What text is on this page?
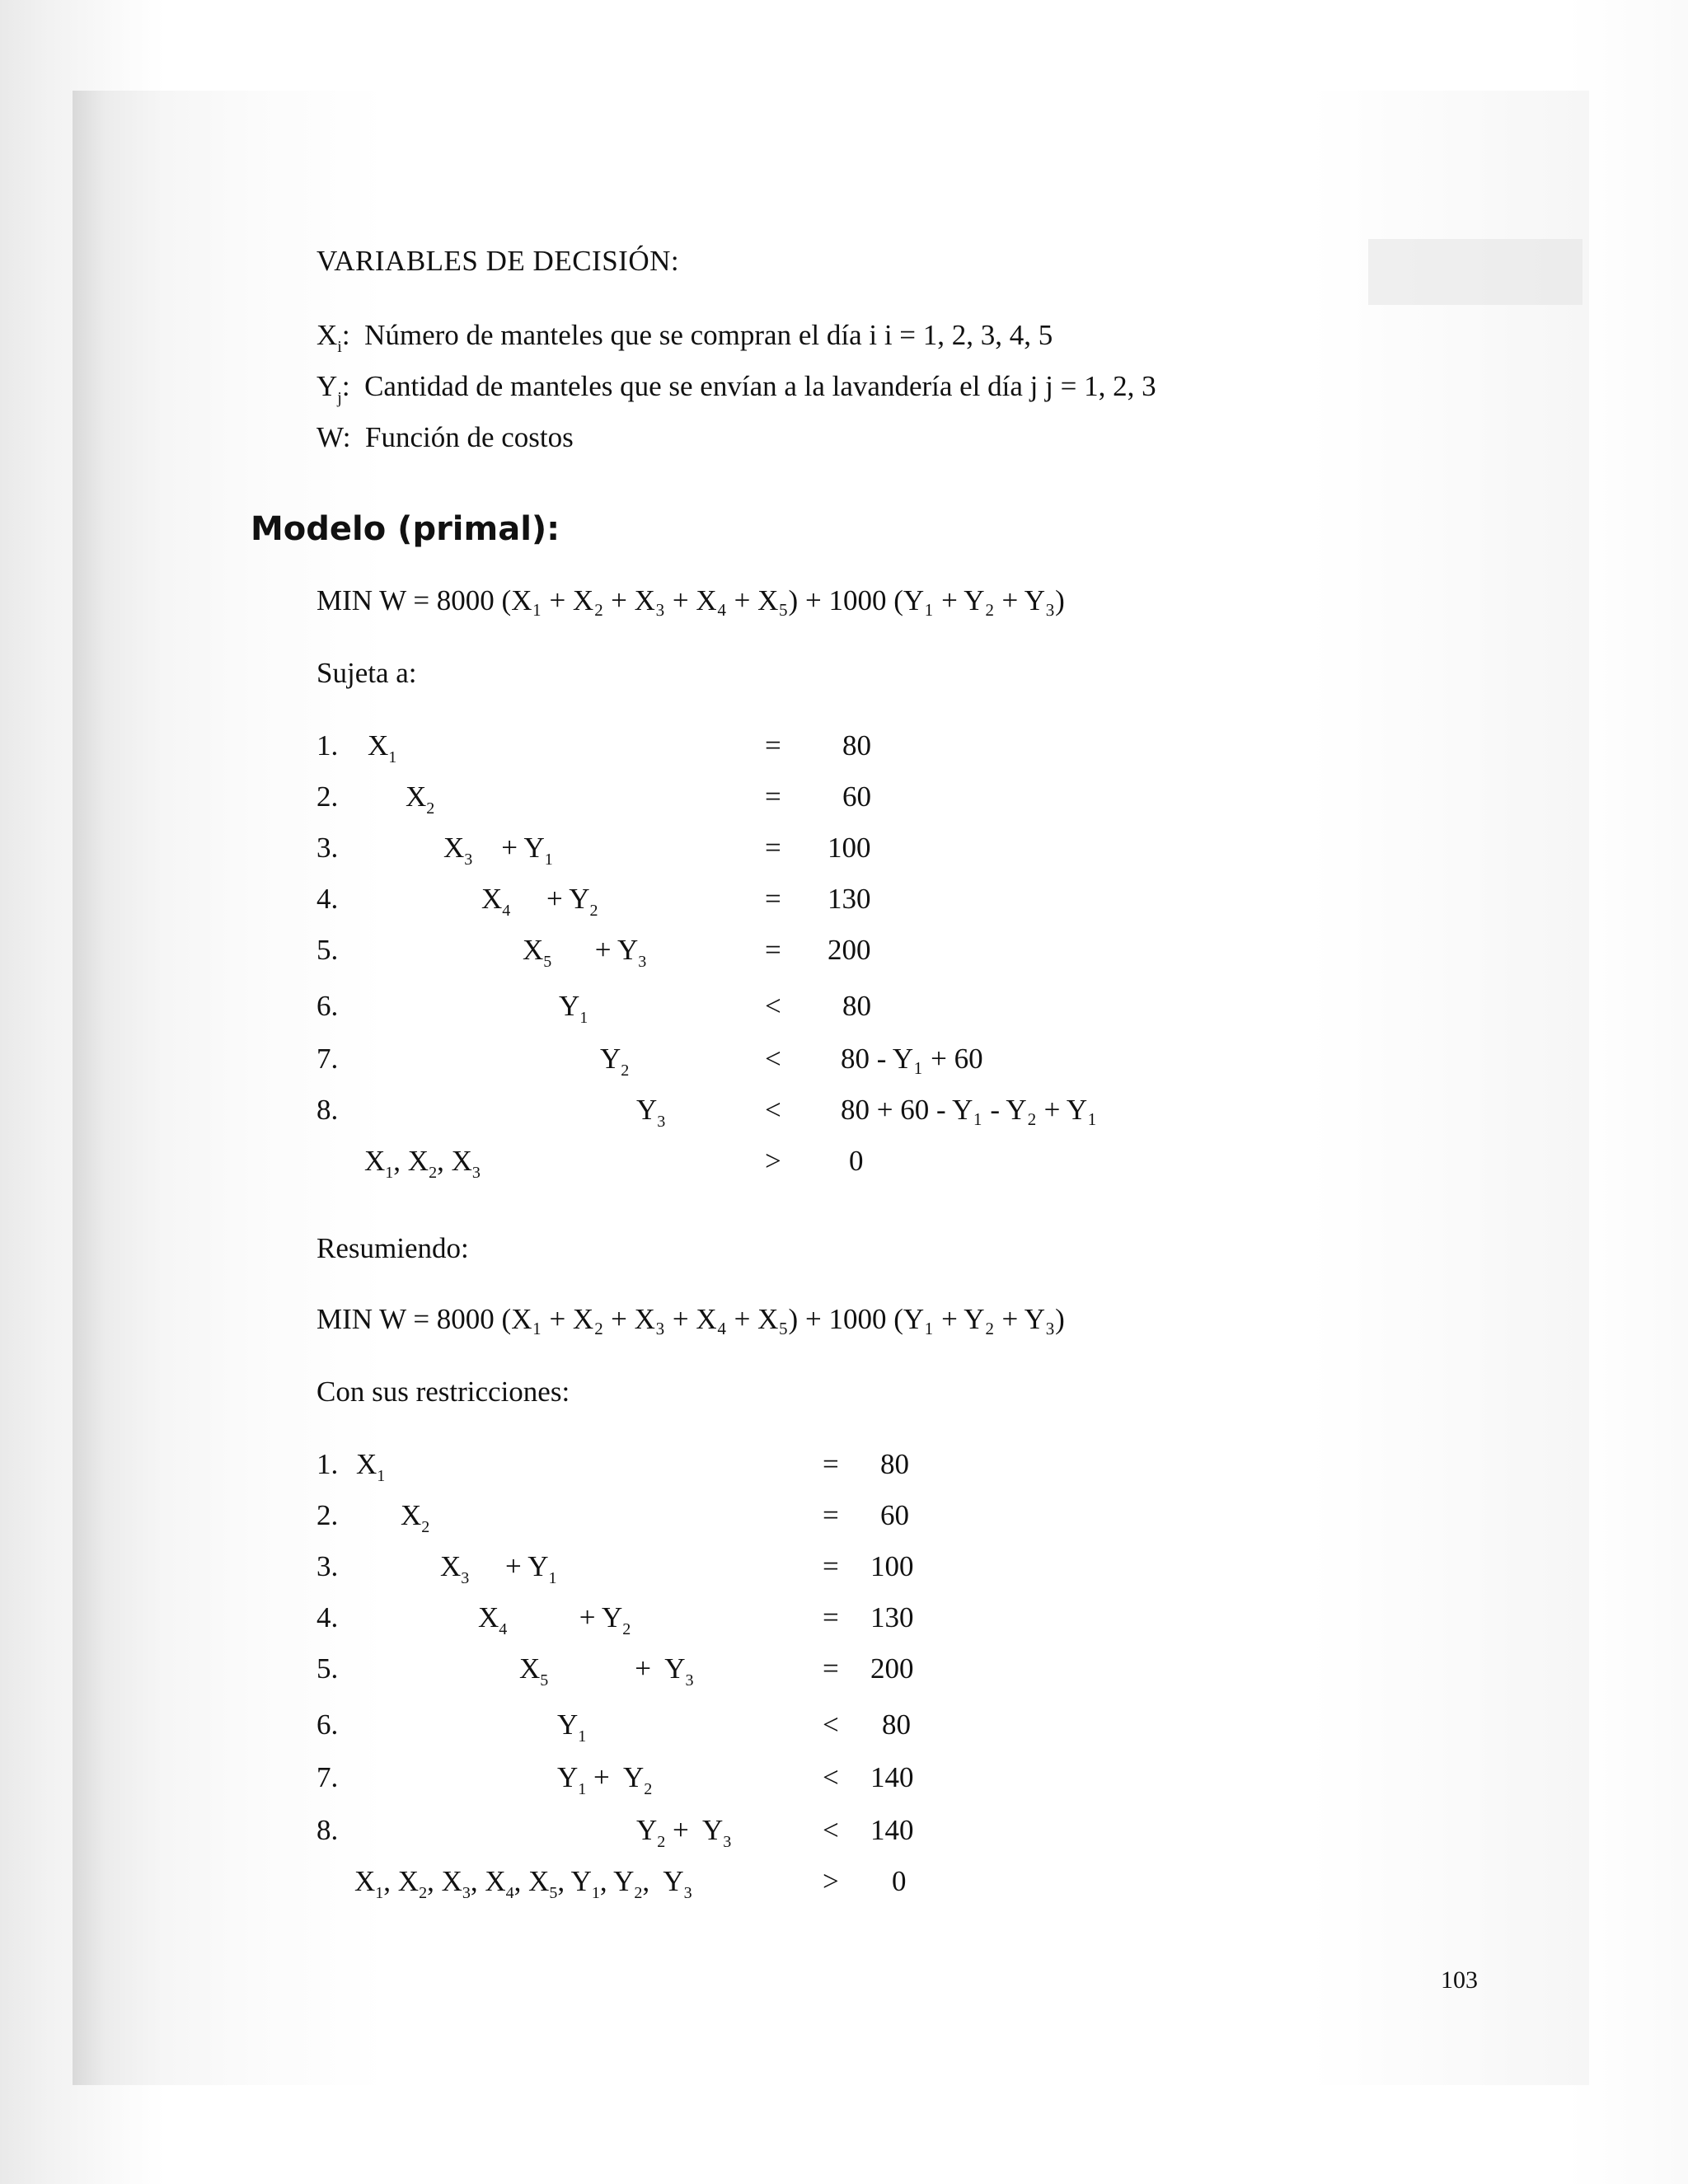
VARIABLES DE DECISIÓN:
$X_i$: Número de manteles que se compran el día i i = 1, 2, 3, 4, 5
$Y_j$: Cantidad de manteles que se envían a la lavandería el día j j = 1, 2, 3
W: Función de costos
Modelo (primal):
MIN W = 8000 (X₁ + X₂ + X₃ + X₄ + X₅) + 1000 (Y₁ + Y₂ + Y₃)
Sujeta a:
1. $X_1$	= 80
2. $X_2$	= 60
3.	$X_3$    + $Y_1$	= 100
4.	$X_4$     + $Y_2$	= 130
5.	$X_5$      + $Y_3$	= 200
6.	$Y_1$	< 80
7.	$Y_2$	< 80 - Y₁ + 60
8.	$Y_3$	< 80 + 60 - Y₁ - Y₂ + Y₁
$X_1$, $X_2$, $X_3$	> 0
Resumiendo:
MIN W = 8000 (X₁ + X₂ + X₃ + X₄ + X₅) + 1000 (Y₁ + Y₂ + Y₃)
Con sus restricciones:
1. $X_1$	= 80
2. $X_2$	= 60
3.	$X_3$     + $Y_1$	= 100
4.	$X_4$          + $Y_2$	= 130
5.	$X_5$            +  $Y_3$	= 200
6.	$Y_1$	< 80
7.	$Y_1 + Y_2$	< 140
8.	$Y_2 + Y_3$	< 140
$X_1$, $X_2$, $X_3$, $X_4$, $X_5$, $Y_1$, $Y_2$,  $Y_3$	> 0
103
